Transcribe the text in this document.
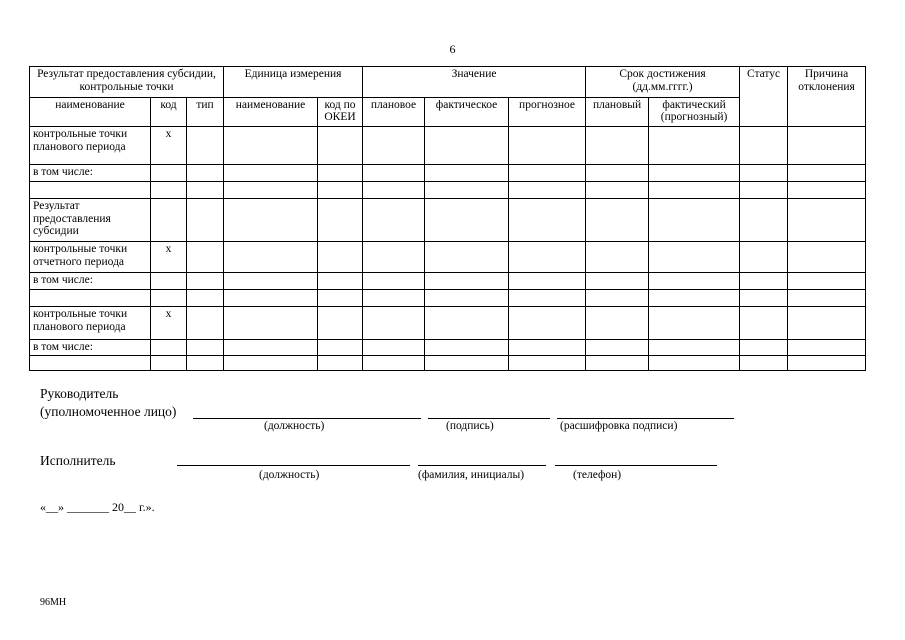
6
Результат предоставления субсидии, контрольные точки			Единица измерения		Значение			Срок достижения (дд.мм.гггг.)		Статус	Причина отклонения
наименование	код	тип	наименование	код по ОКЕИ	плановое	фактическое	прогнозное	плановый	фактический (прогнозный)		
контрольные точки планового периода	x										
в том числе:											

Результат предоставления субсидии											
контрольные точки отчетного периода	x										
в том числе:											

контрольные точки планового периода	x										
в том числе:											

Руководитель
(уполномоченное лицо)
(должность)	(подпись)	(расшифровка подписи)
Исполнитель
(должность)	(фамилия, инициалы)	(телефон)
«__» _______ 20__ г.».
96МН
